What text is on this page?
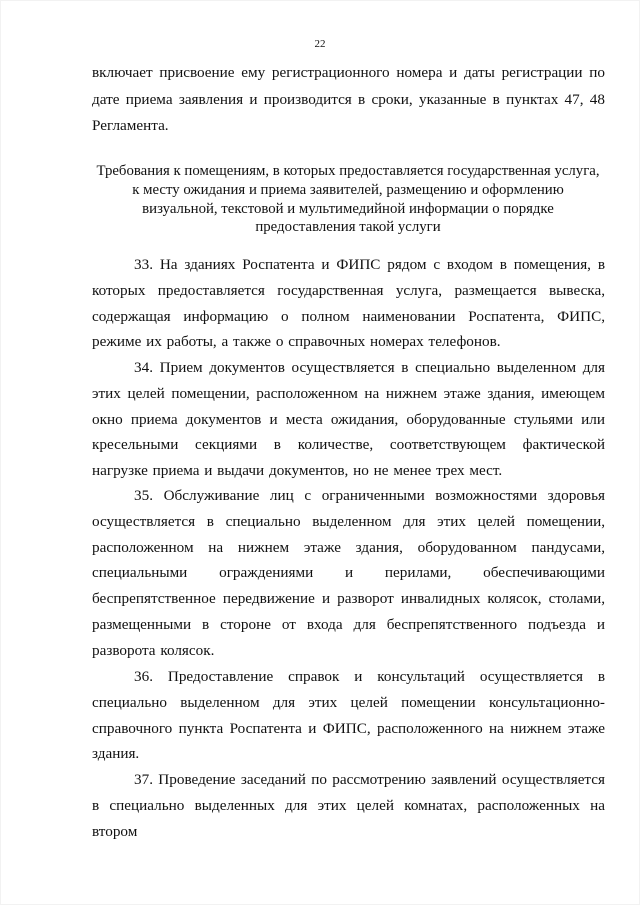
22
включает присвоение ему регистрационного номера и даты регистрации по дате приема заявления и производится в сроки, указанные в пунктах 47, 48 Регламента.
Требования к помещениям, в которых предоставляется государственная услуга,
к месту ожидания и приема заявителей, размещению и оформлению
визуальной, текстовой и мультимедийной информации о порядке
предоставления такой услуги

33. На зданиях Роспатента и ФИПС рядом с входом в помещения, в которых предоставляется государственная услуга, размещается вывеска, содержащая информацию о полном наименовании Роспатента, ФИПС, режиме их работы, а также о справочных номерах телефонов.

34. Прием документов осуществляется в специально выделенном для этих целей помещении, расположенном на нижнем этаже здания, имеющем окно приема документов и места ожидания, оборудованные стульями или кресельными секциями в количестве, соответствующем фактической нагрузке приема и выдачи документов, но не менее трех мест.

35. Обслуживание лиц с ограниченными возможностями здоровья осуществляется в специально выделенном для этих целей помещении, расположенном на нижнем этаже здания, оборудованном пандусами, специальными ограждениями и перилами, обеспечивающими беспрепятственное передвижение и разворот инвалидных колясок, столами, размещенными в стороне от входа для беспрепятственного подъезда и разворота колясок.

36. Предоставление справок и консультаций осуществляется в специально выделенном для этих целей помещении консультационно-справочного пункта Роспатента и ФИПС, расположенного на нижнем этаже здания.

37. Проведение заседаний по рассмотрению заявлений осуществляется в специально выделенных для этих целей комнатах, расположенных на втором
